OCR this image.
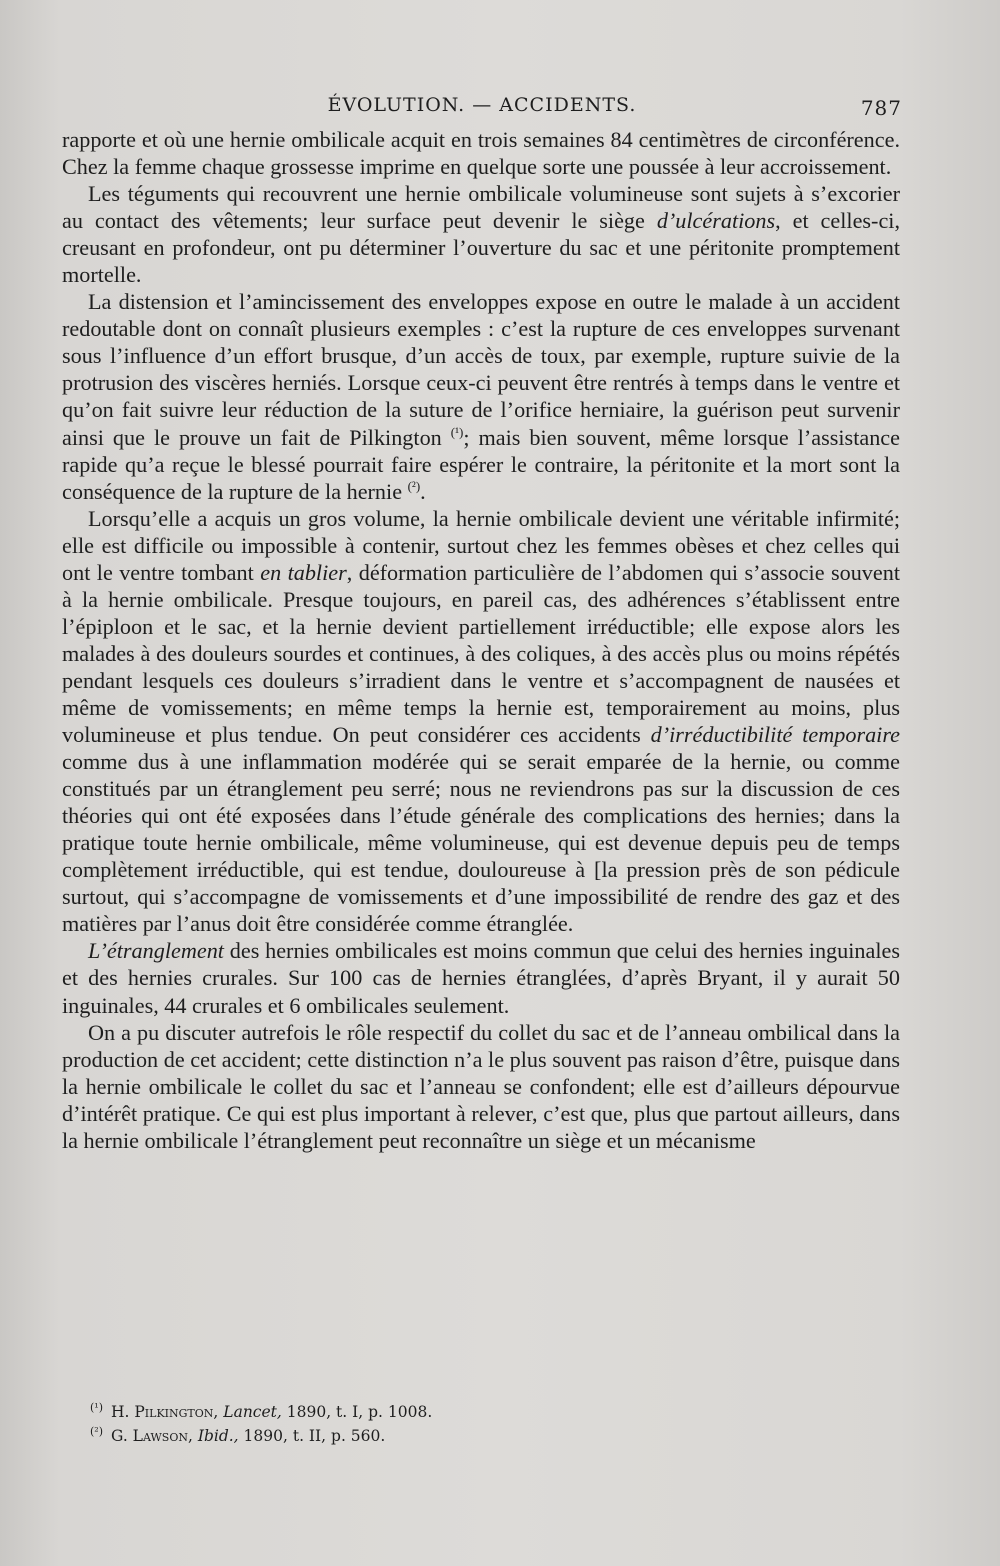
ÉVOLUTION. — ACCIDENTS.	787

rapporte et où une hernie ombilicale acquit en trois semaines 84 centimètres de circonférence. Chez la femme chaque grossesse imprime en quelque sorte une poussée à leur accroissement.

Les téguments qui recouvrent une hernie ombilicale volumineuse sont sujets à s’excorier au contact des vêtements; leur surface peut devenir le siège d’ulcérations, et celles-ci, creusant en profondeur, ont pu déterminer l’ouverture du sac et une péritonite promptement mortelle.

La distension et l’amincissement des enveloppes expose en outre le malade à un accident redoutable dont on connaît plusieurs exemples : c’est la rupture de ces enveloppes survenant sous l’influence d’un effort brusque, d’un accès de toux, par exemple, rupture suivie de la protrusion des viscères herniés. Lorsque ceux-ci peuvent être rentrés à temps dans le ventre et qu’on fait suivre leur réduction de la suture de l’orifice herniaire, la guérison peut survenir ainsi que le prouve un fait de Pilkington $^{(^1)}$; mais bien souvent, même lorsque l’assistance rapide qu’a reçue le blessé pourrait faire espérer le contraire, la péritonite et la mort sont la conséquence de la rupture de la hernie $^{(^2)}$.

Lorsqu’elle a acquis un gros volume, la hernie ombilicale devient une véritable infirmité; elle est difficile ou impossible à contenir, surtout chez les femmes obèses et chez celles qui ont le ventre tombant en tablier, déformation particulière de l’abdomen qui s’associe souvent à la hernie ombilicale. Presque toujours, en pareil cas, des adhérences s’établissent entre l’épiploon et le sac, et la hernie devient partiellement irréductible; elle expose alors les malades à des douleurs sourdes et continues, à des coliques, à des accès plus ou moins répétés pendant lesquels ces douleurs s’irradient dans le ventre et s’accompagnent de nausées et même de vomissements; en même temps la hernie est, temporairement au moins, plus volumineuse et plus tendue. On peut considérer ces accidents d’irréductibilité temporaire comme dus à une inflammation modérée qui se serait emparée de la hernie, ou comme constitués par un étranglement peu serré; nous ne reviendrons pas sur la discussion de ces théories qui ont été exposées dans l’étude générale des complications des hernies; dans la pratique toute hernie ombilicale, même volumineuse, qui est devenue depuis peu de temps complètement irréductible, qui est tendue, douloureuse à [la pression près de son pédicule surtout, qui s’accompagne de vomissements et d’une impossibilité de rendre des gaz et des matières par l’anus doit être considérée comme étranglée.

L’étranglement des hernies ombilicales est moins commun que celui des hernies inguinales et des hernies crurales. Sur 100 cas de hernies étranglées, d’après Bryant, il y aurait 50 inguinales, 44 crurales et 6 ombilicales seulement.

On a pu discuter autrefois le rôle respectif du collet du sac et de l’anneau ombilical dans la production de cet accident; cette distinction n’a le plus souvent pas raison d’être, puisque dans la hernie ombilicale le collet du sac et l’anneau se confondent; elle est d’ailleurs dépourvue d’intérêt pratique. Ce qui est plus important à relever, c’est que, plus que partout ailleurs, dans la hernie ombilicale l’étranglement peut reconnaître un siège et un mécanisme

$^{(^1)}$ H. Pilkington, Lancet, 1890, t. I, p. 1008.
$^{(^2)}$ G. Lawson, Ibid., 1890, t. II, p. 560.
